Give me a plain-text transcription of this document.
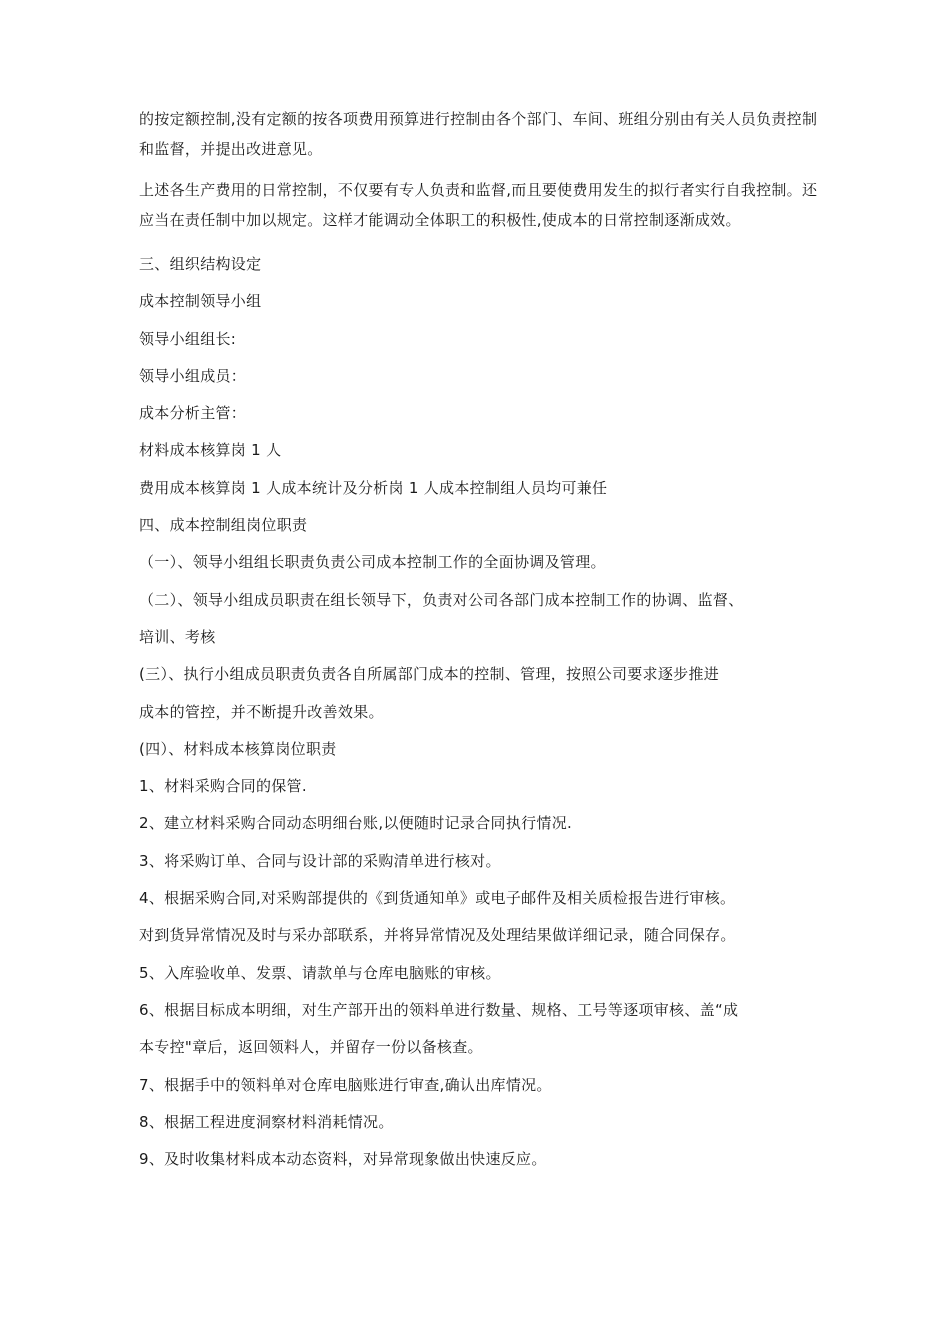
的按定额控制,没有定额的按各项费用预算进行控制由各个部门、车间、班组分别由有关人员负责控制和监督，并提出改进意见。

上述各生产费用的日常控制，不仅要有专人负责和监督,而且要使费用发生的拟行者实行自我控制。还应当在责任制中加以规定。这样才能调动全体职工的积极性,使成本的日常控制逐渐成效。

三、组织结构设定

成本控制领导小组

领导小组组长:

领导小组成员：

成本分析主管：

材料成本核算岗 1 人

费用成本核算岗 1 人成本统计及分析岗 1 人成本控制组人员均可兼任

四、成本控制组岗位职责

（一）、领导小组组长职责负责公司成本控制工作的全面协调及管理。

（二）、领导小组成员职责在组长领导下，负责对公司各部门成本控制工作的协调、监督、

培训、考核

(三）、执行小组成员职责负责各自所属部门成本的控制、管理，按照公司要求逐步推进

成本的管控，并不断提升改善效果。

(四）、材料成本核算岗位职责

1、材料采购合同的保管.

2、建立材料采购合同动态明细台账,以便随时记录合同执行情况.

3、将采购订单、合同与设计部的采购清单进行核对。

4、根据采购合同,对采购部提供的《到货通知单》或电子邮件及相关质检报告进行审核。

对到货异常情况及时与采办部联系，并将异常情况及处理结果做详细记录，随合同保存。

5、入库验收单、发票、请款单与仓库电脑账的审核。

6、根据目标成本明细，对生产部开出的领料单进行数量、规格、工号等逐项审核、盖“成

本专控"章后，返回领料人，并留存一份以备核查。

7、根据手中的领料单对仓库电脑账进行审查,确认出库情况。

8、根据工程进度洞察材料消耗情况。

9、及时收集材料成本动态资料，对异常现象做出快速反应。
